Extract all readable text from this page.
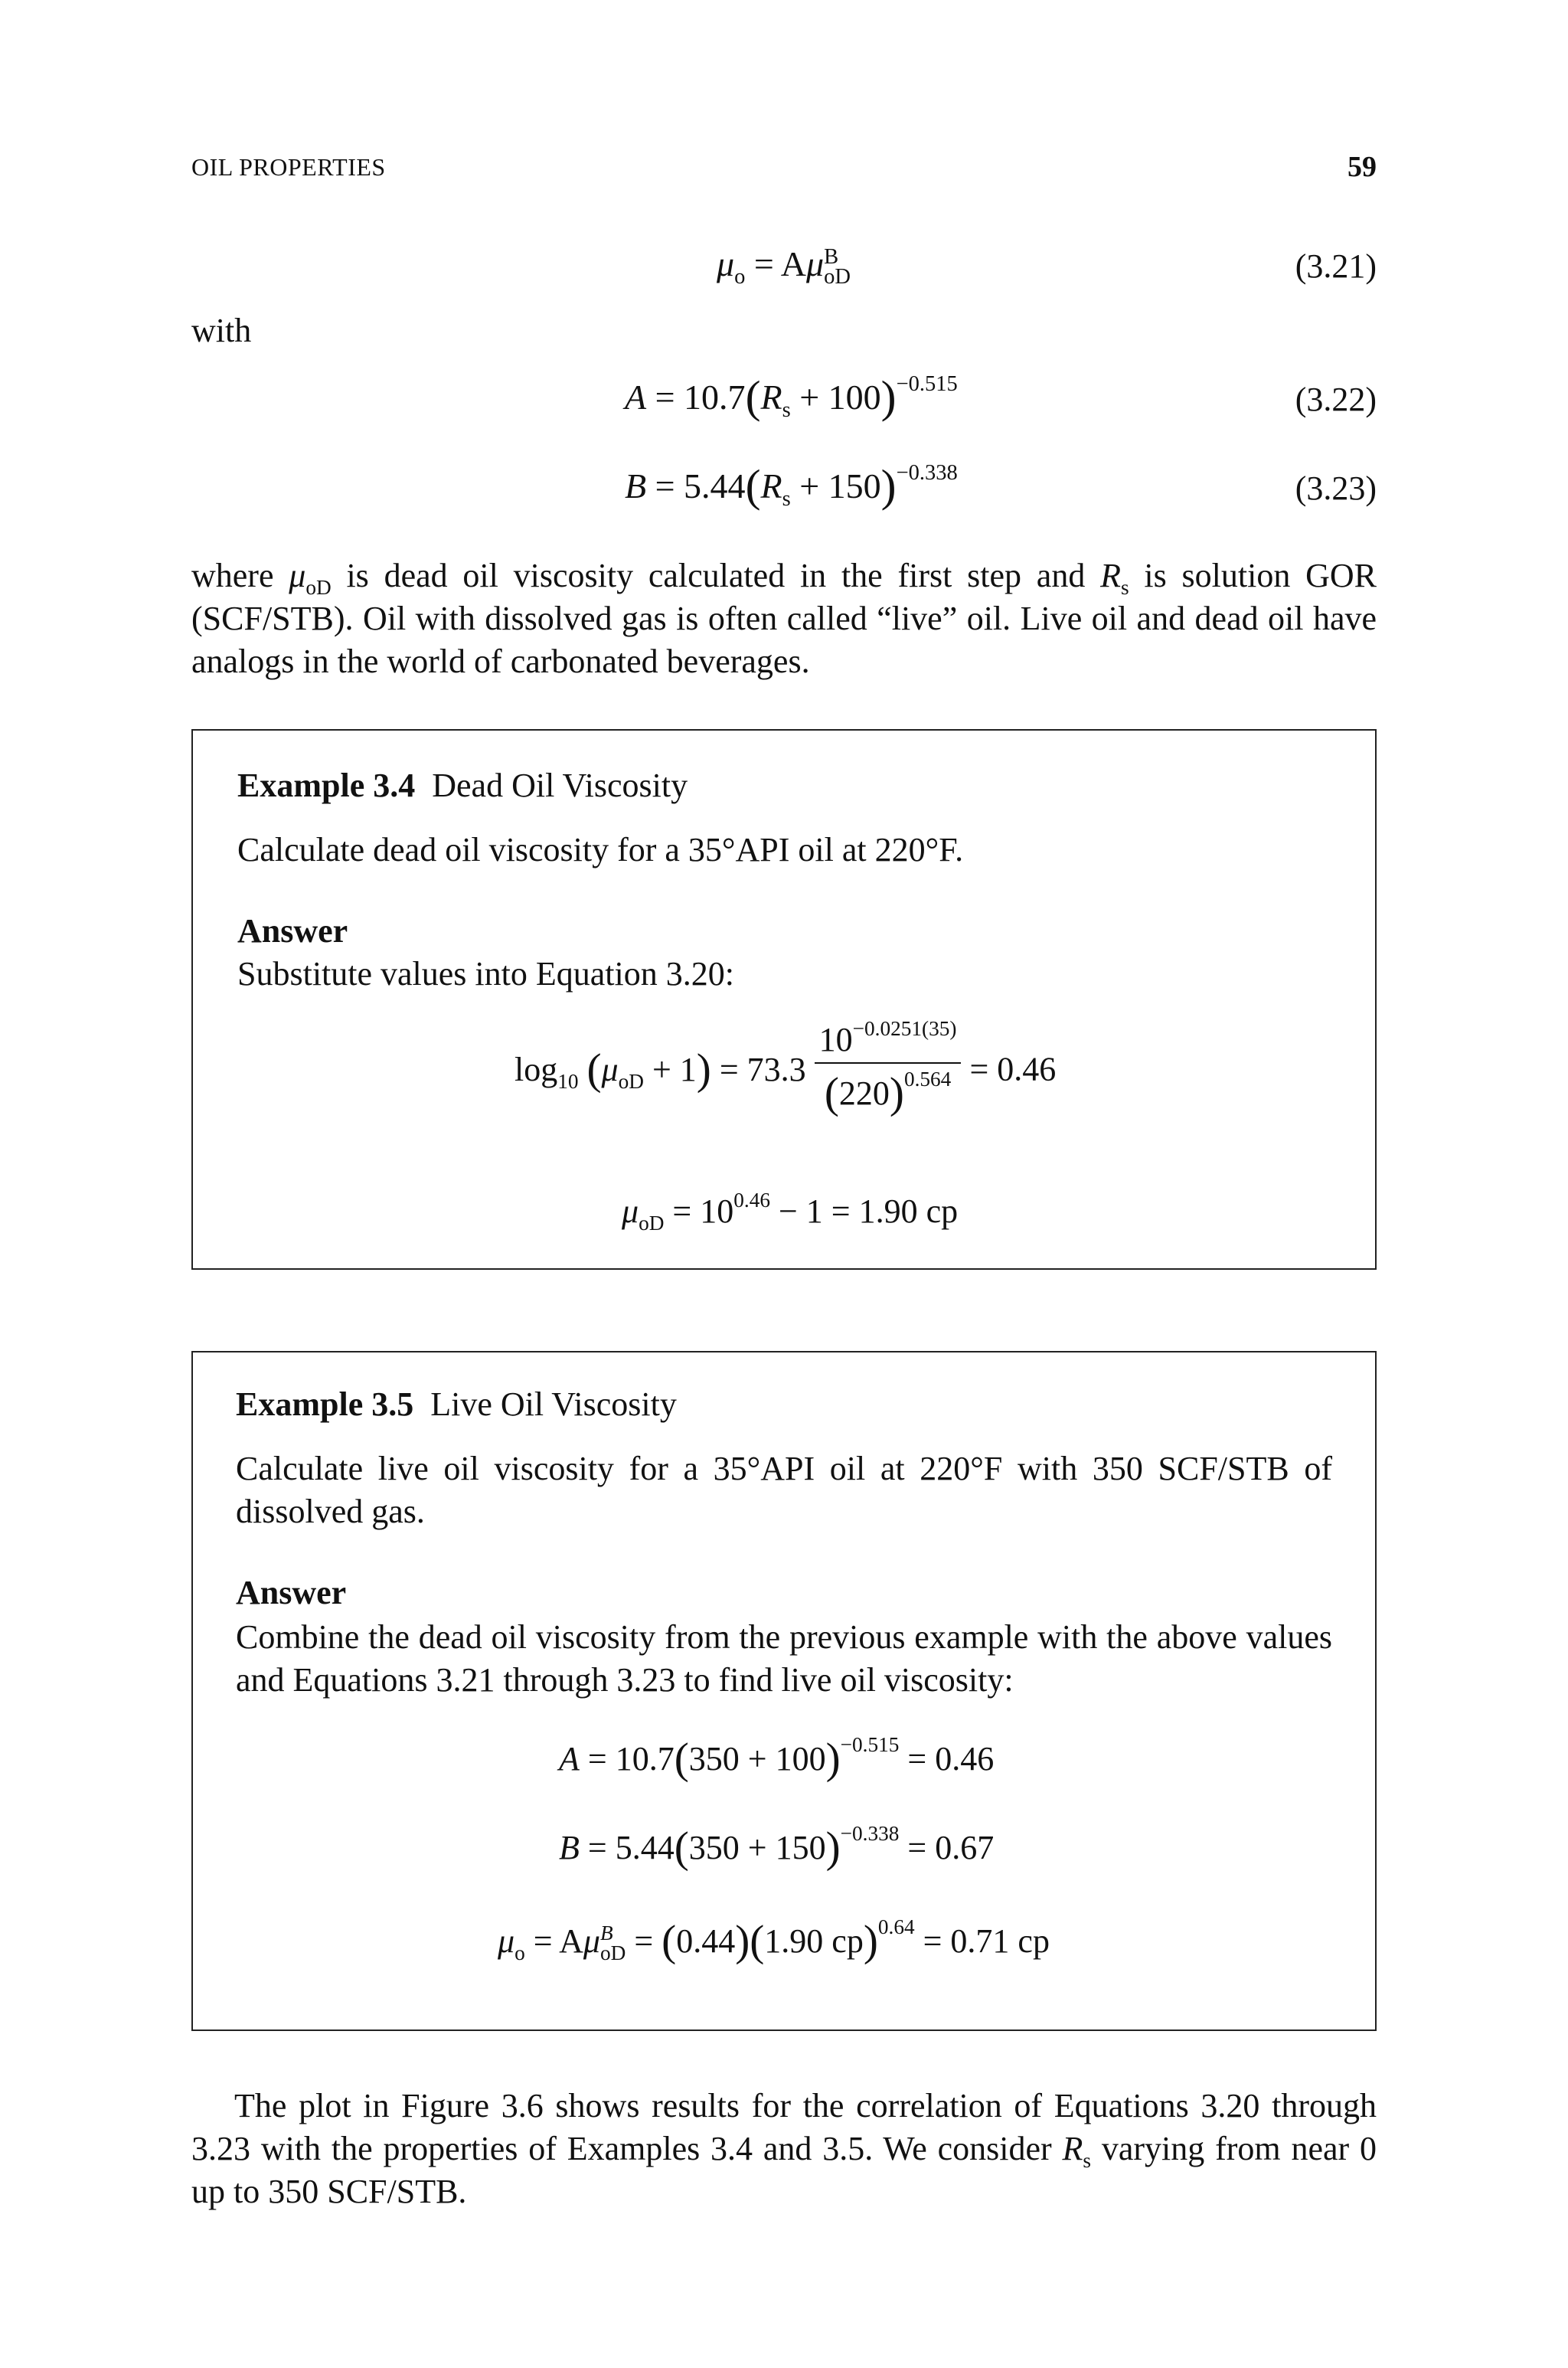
OIL PROPERTIES	59
$\mu_o = A\mu$ B
oD	(3.21)
with
$A = 10.7(R_s + 100)^{-0.515}$	(3.22)
$B = 5.44(R_s + 150)^{-0.338}$	(3.23)
where $\mu_{oD}$ is dead oil viscosity calculated in the first step and $R_s$ is solution GOR (SCF/STB). Oil with dissolved gas is often called “live” oil. Live oil and dead oil have analogs in the world of carbonated beverages.
Example 3.4 Dead Oil Viscosity
Calculate dead oil viscosity for a 35°API oil at 220°F.
Answer
Substitute values into Equation 3.20:
$\log_{10} (\mu_{oD} + 1) = 73.3 \frac{10^{-0.0251(35)}}{(220)^{0.564}} = 0.46$
$\mu_{oD} = 10^{0.46} - 1 = 1.90$ cp
Example 3.5 Live Oil Viscosity
Calculate live oil viscosity for a 35°API oil at 220°F with 350 SCF/STB of dissolved gas.
Answer
Combine the dead oil viscosity from the previous example with the above values and Equations 3.21 through 3.23 to find live oil viscosity:
$A = 10.7(350 + 100)^{-0.515} = 0.46$
$B = 5.44(350 + 150)^{-0.338} = 0.67$
$\mu_o = A\mu$ B
oD = (0.44)(1.90 cp)$^{0.64}$ = 0.71 cp
The plot in Figure 3.6 shows results for the correlation of Equations 3.20 through 3.23 with the properties of Examples 3.4 and 3.5. We consider $R_s$ varying from near 0 up to 350 SCF/STB.
